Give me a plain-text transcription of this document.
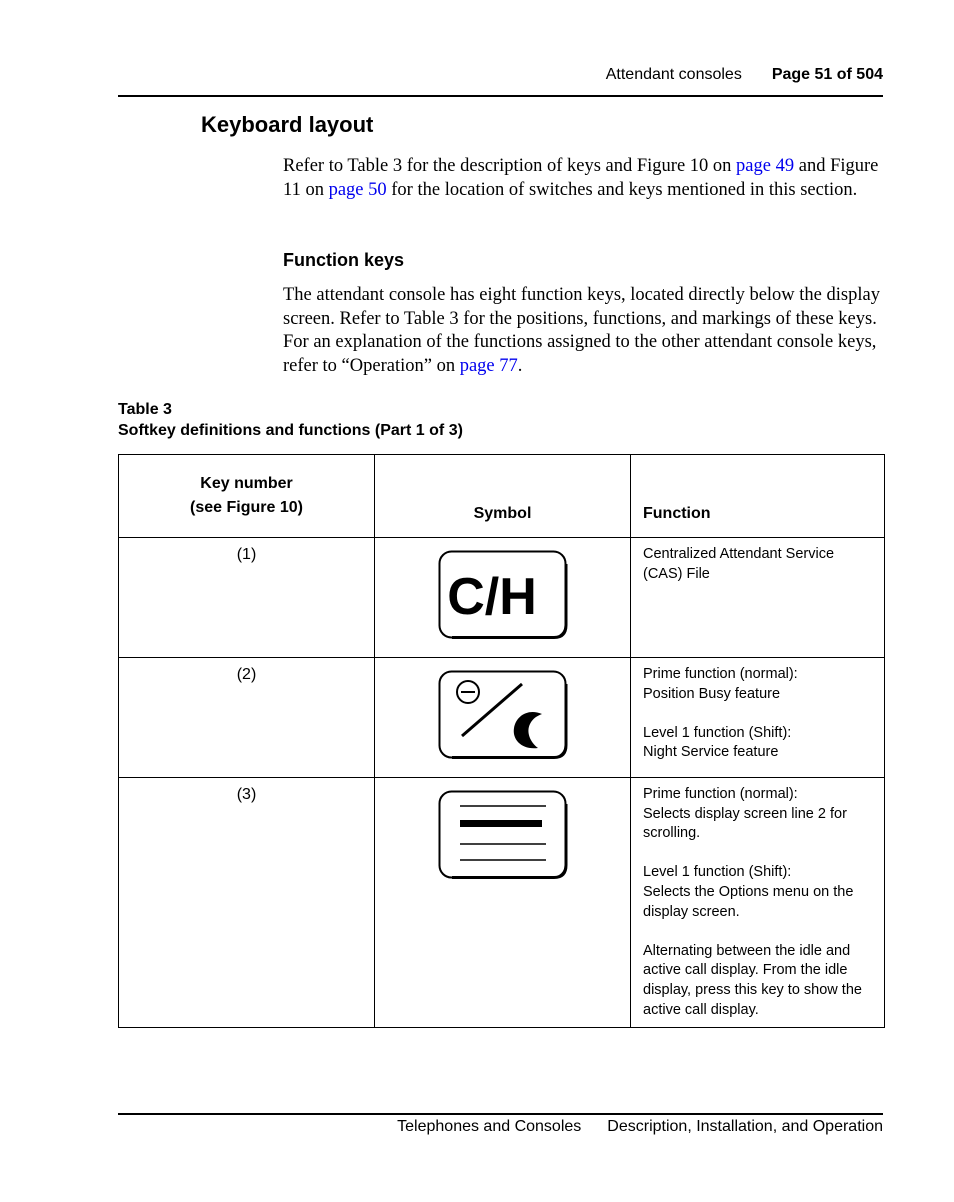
Attendant consoles Page 51 of 504
Keyboard layout
Refer to Table 3 for the description of keys and Figure 10 on page 49 and Figure 11 on page 50 for the location of switches and keys mentioned in this section.
Function keys
The attendant console has eight function keys, located directly below the display screen. Refer to Table 3 for the positions, functions, and markings of these keys. For an explanation of the functions assigned to the other attendant console keys, refer to “Operation” on page 77.
Table 3
Softkey definitions and functions (Part 1 of 3)
Key number
(see Figure 10)	Symbol	Function
(1)	C/H	Centralized Attendant Service (CAS) File

(2)		Prime function (normal):

Position Busy feature

Level 1 function (Shift):

Night Service feature

(3)		Prime function (normal):

Selects display screen line 2 for scrolling.

Level 1 function (Shift):

Selects the Options menu on the display screen.

Alternating between the idle and active call display. From the idle display, press this key to show the active call display.

Telephones and Consoles Description, Installation, and Operation
